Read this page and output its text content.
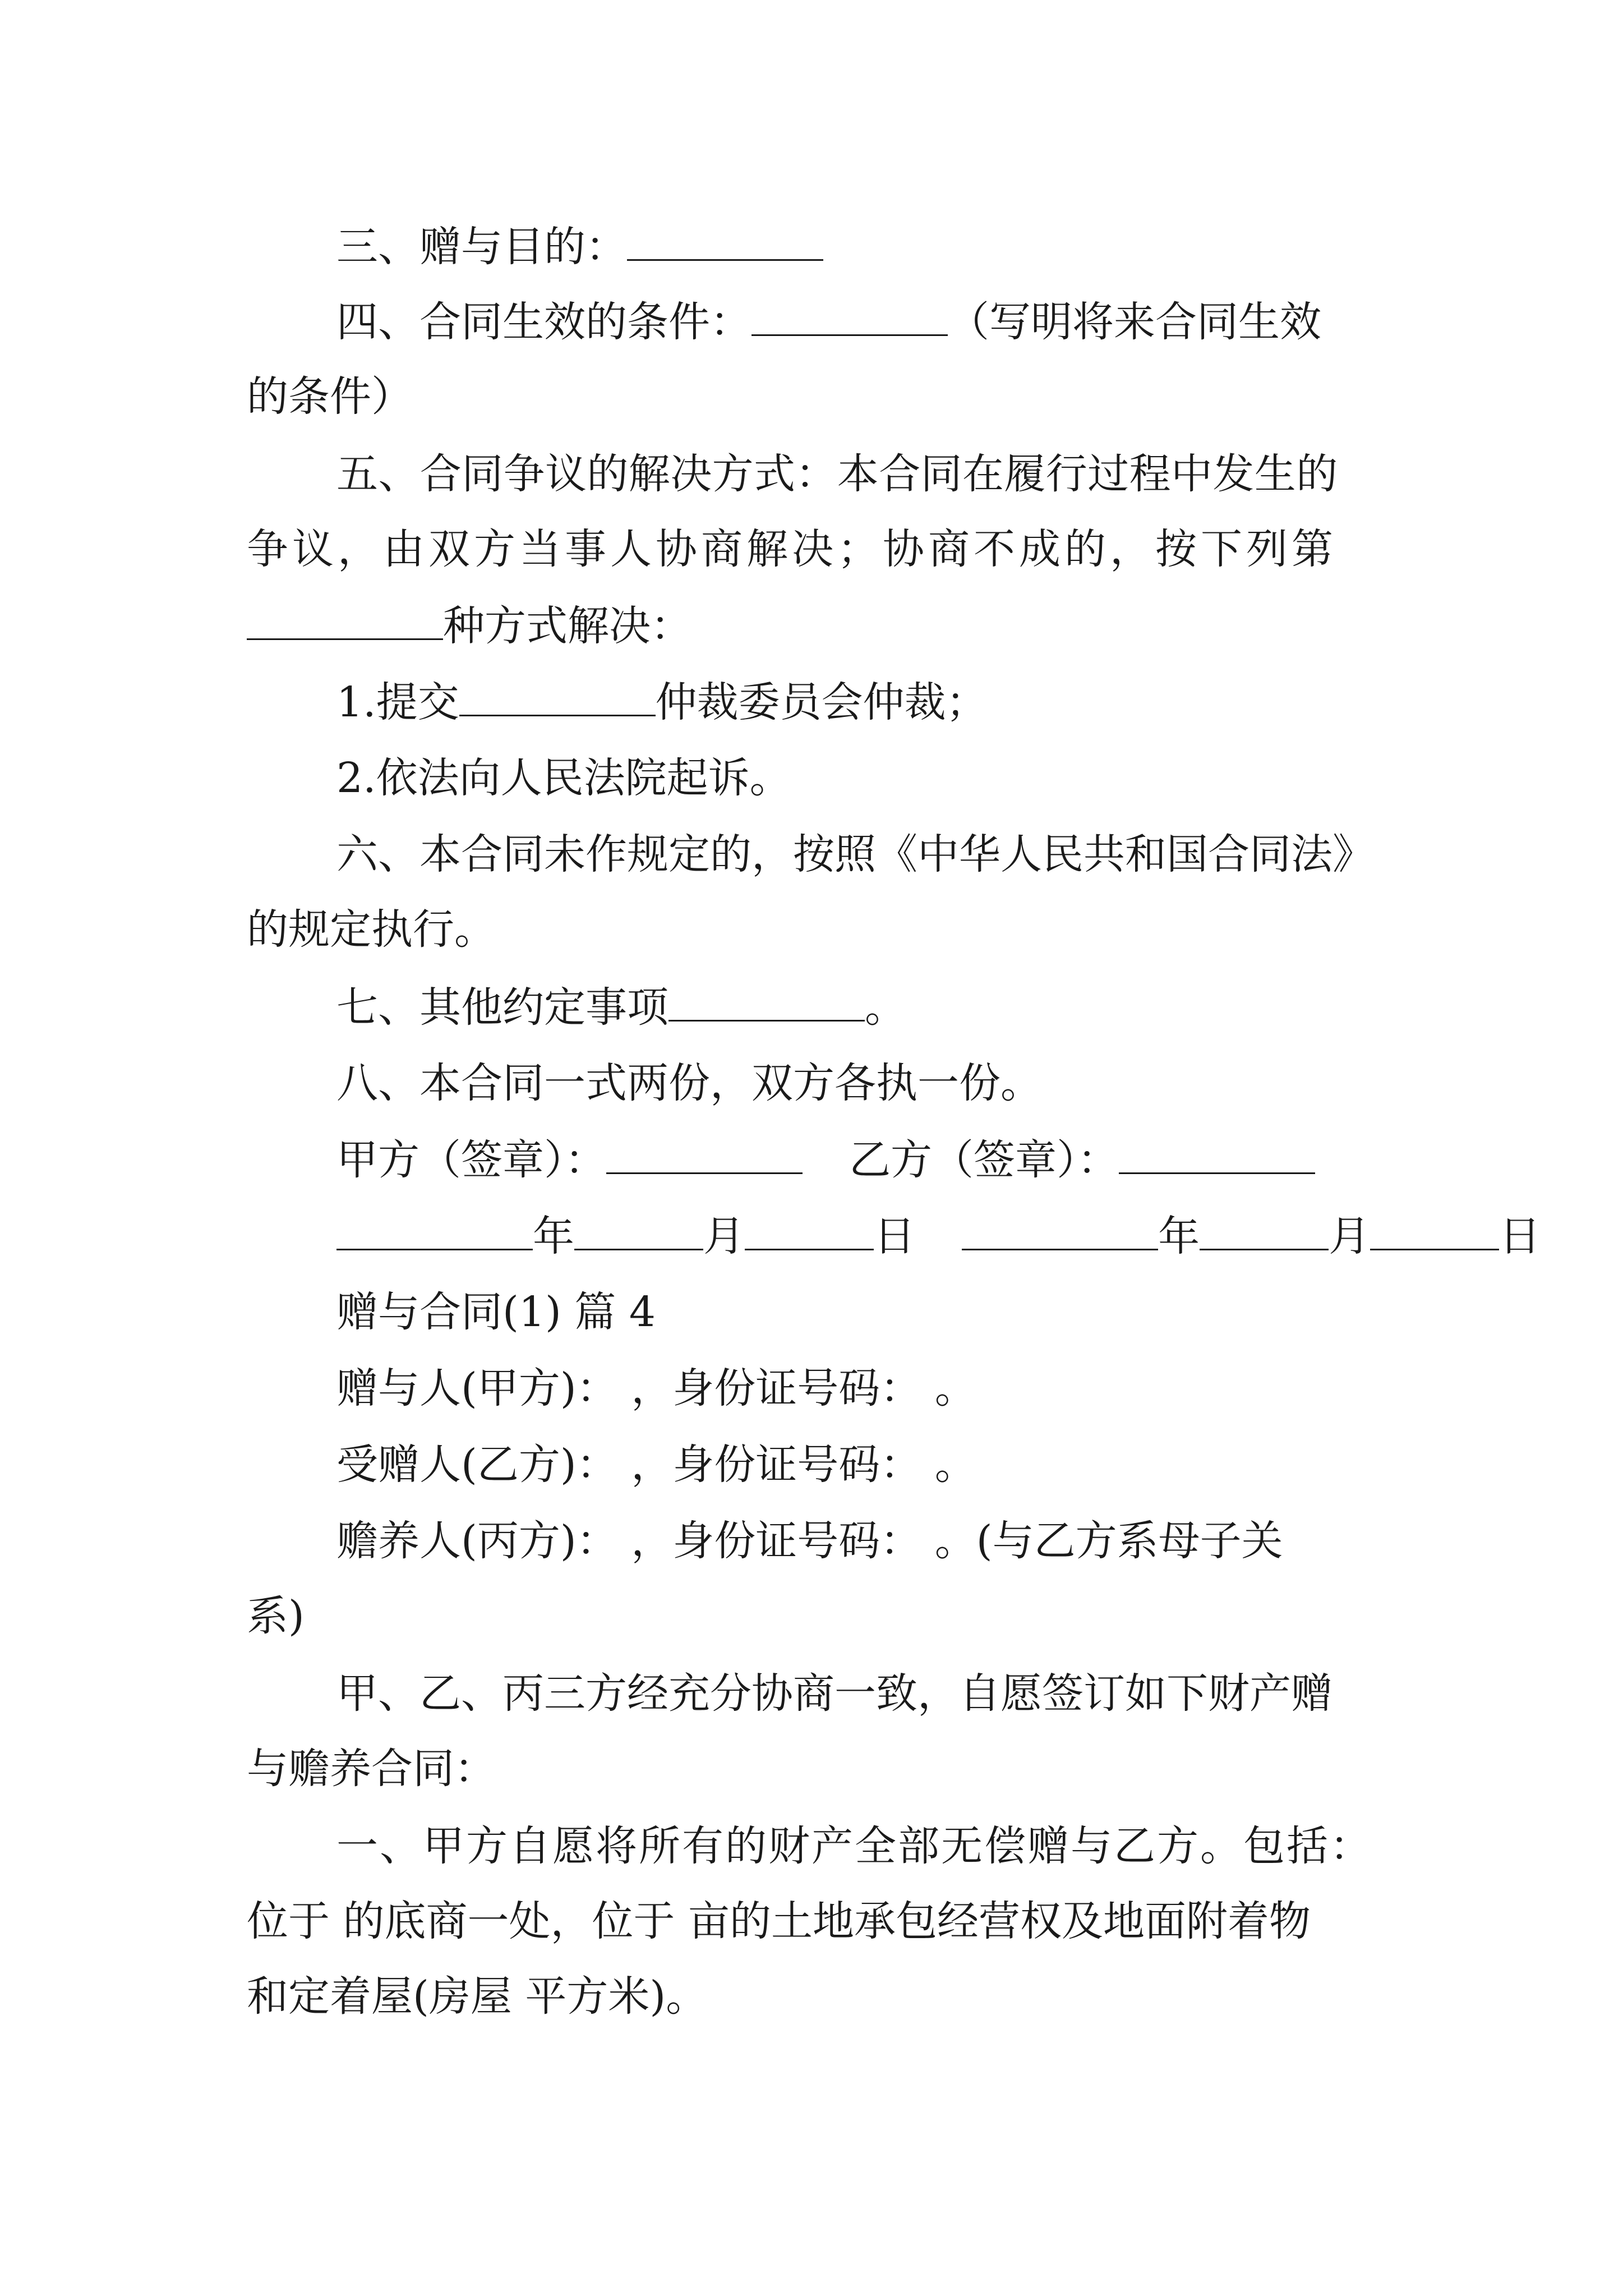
三、赠与目的：
四、合同生效的条件：	（写明将来合同生效
的条件）
五、合同争议的解决方式：本合同在履行过程中发生的
争议，由双方当事人协商解决；协商不成的，按下列第
种方式解决：
1.提交	仲裁委员会仲裁；
2.依法向人民法院起诉。
六、本合同未作规定的，按照《中华人民共和国合同法》
的规定执行。
七、其他约定事项	。
八、本合同一式两份，双方各执一份。
甲方（签章）：	乙方（签章）：
年	月	日	年	月	日
赠与合同(1) 篇 4
赠与人(甲方)： ，身份证号码： 。
受赠人(乙方)： ，身份证号码： 。
赡养人(丙方)： ，身份证号码： 。(与乙方系母子关
系)
甲、乙、丙三方经充分协商一致，自愿签订如下财产赠
与赡养合同：
一、甲方自愿将所有的财产全部无偿赠与乙方。包括：
位于 的底商一处，位于 亩的土地承包经营权及地面附着物
和定着屋(房屋 平方米)。
